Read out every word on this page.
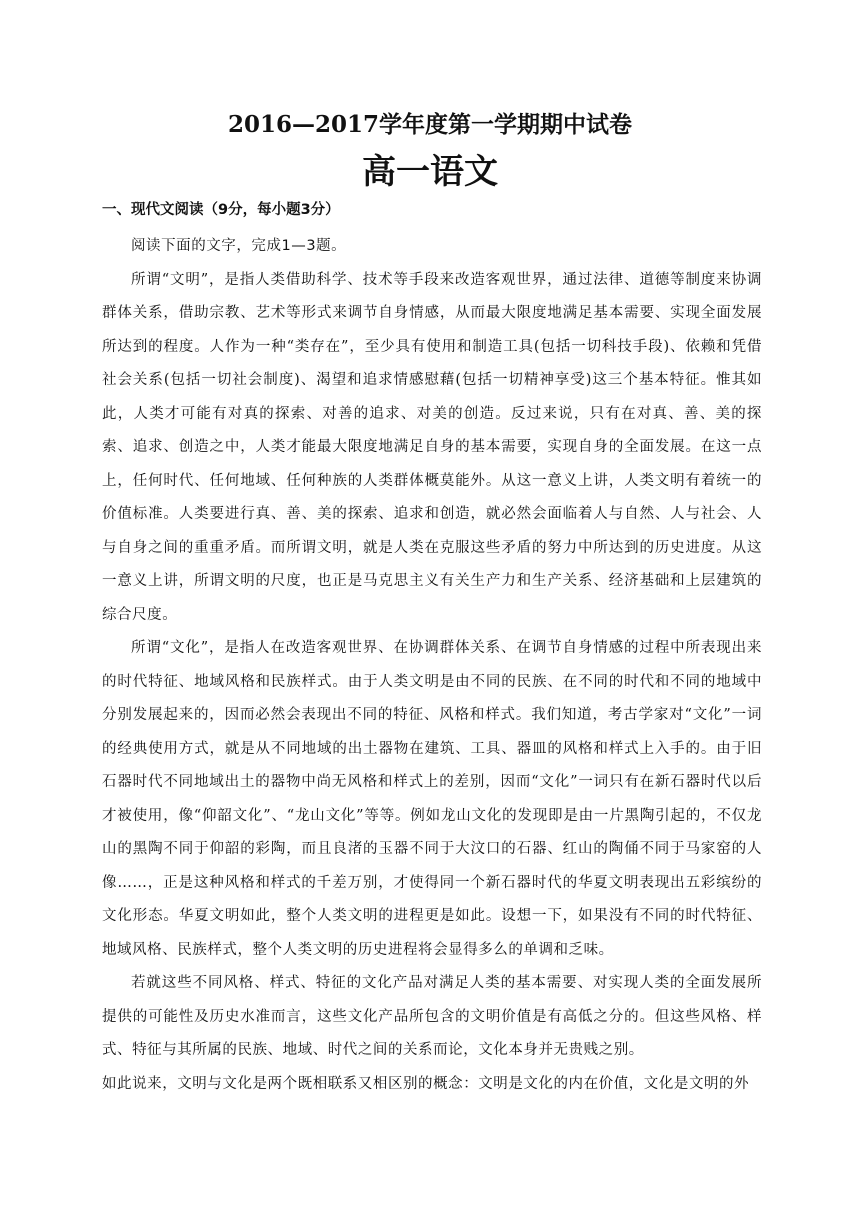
2016—2017学年度第一学期期中试卷
高一语文
一、现代文阅读（9分，每小题3分）

阅读下面的文字，完成1—3题。

所谓“文明”，是指人类借助科学、技术等手段来改造客观世界，通过法律、道德等制度来协调群体关系，借助宗教、艺术等形式来调节自身情感，从而最大限度地满足基本需要、实现全面发展所达到的程度。人作为一种“类存在”，至少具有使用和制造工具(包括一切科技手段)、依赖和凭借社会关系(包括一切社会制度)、渴望和追求情感慰藉(包括一切精神享受)这三个基本特征。惟其如此，人类才可能有对真的探索、对善的追求、对美的创造。反过来说，只有在对真、善、美的探索、追求、创造之中，人类才能最大限度地满足自身的基本需要，实现自身的全面发展。在这一点上，任何时代、任何地域、任何种族的人类群体概莫能外。从这一意义上讲，人类文明有着统一的价值标准。人类要进行真、善、美的探索、追求和创造，就必然会面临着人与自然、人与社会、人与自身之间的重重矛盾。而所谓文明，就是人类在克服这些矛盾的努力中所达到的历史进度。从这一意义上讲，所谓文明的尺度，也正是马克思主义有关生产力和生产关系、经济基础和上层建筑的综合尺度。

所谓“文化”，是指人在改造客观世界、在协调群体关系、在调节自身情感的过程中所表现出来的时代特征、地域风格和民族样式。由于人类文明是由不同的民族、在不同的时代和不同的地域中分别发展起来的，因而必然会表现出不同的特征、风格和样式。我们知道，考古学家对“文化”一词的经典使用方式，就是从不同地域的出土器物在建筑、工具、器皿的风格和样式上入手的。由于旧石器时代不同地域出土的器物中尚无风格和样式上的差别，因而“文化”一词只有在新石器时代以后才被使用，像“仰韶文化”、“龙山文化”等等。例如龙山文化的发现即是由一片黑陶引起的，不仅龙山的黑陶不同于仰韶的彩陶，而且良渚的玉器不同于大汶口的石器、红山的陶俑不同于马家窑的人像……，正是这种风格和样式的千差万别，才使得同一个新石器时代的华夏文明表现出五彩缤纷的文化形态。华夏文明如此，整个人类文明的进程更是如此。设想一下，如果没有不同的时代特征、地域风格、民族样式，整个人类文明的历史进程将会显得多么的单调和乏味。

若就这些不同风格、样式、特征的文化产品对满足人类的基本需要、对实现人类的全面发展所提供的可能性及历史水准而言，这些文化产品所包含的文明价值是有高低之分的。但这些风格、样式、特征与其所属的民族、地域、时代之间的关系而论，文化本身并无贵贱之别。

如此说来，文明与文化是两个既相联系又相区别的概念：文明是文化的内在价值，文化是文明的外
